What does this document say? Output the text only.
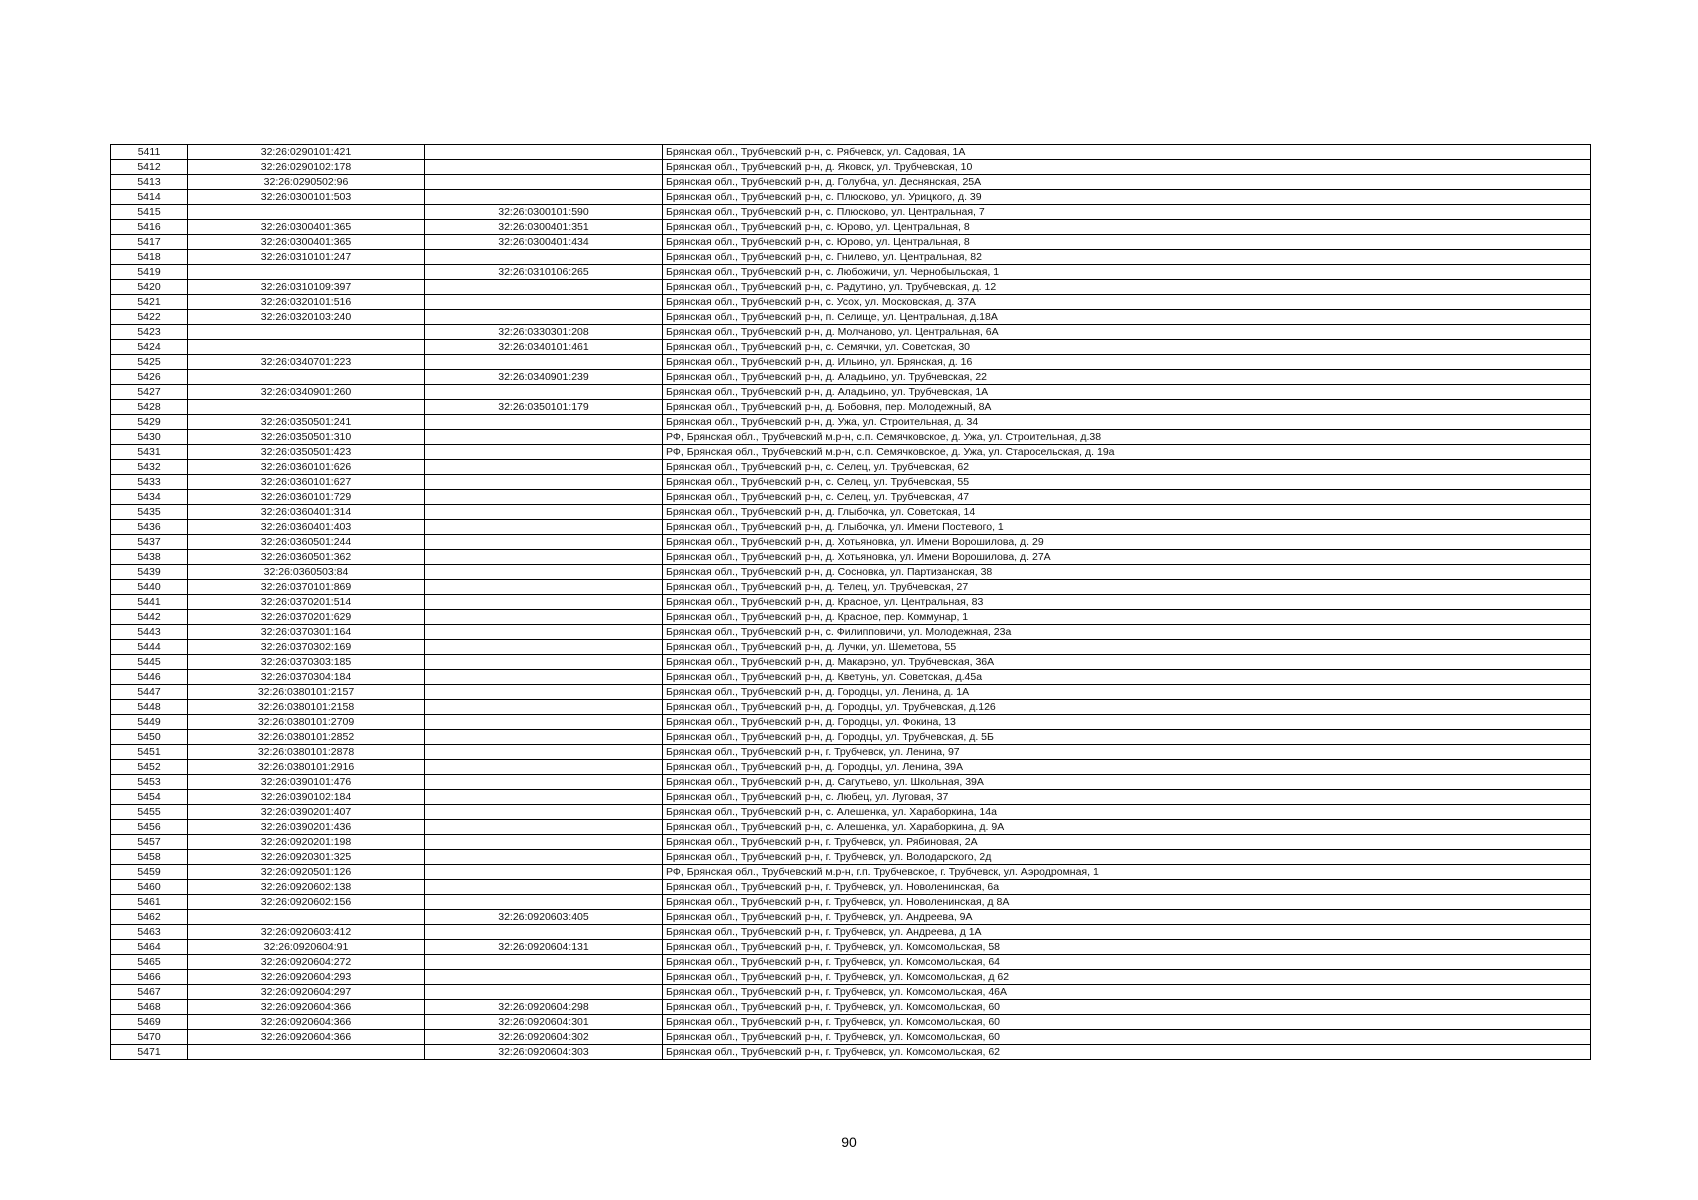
5411	32:26:0290101:421		Брянская обл., Трубчевский р-н, с. Рябчевск, ул. Садовая, 1А
5412	32:26:0290102:178		Брянская обл., Трубчевский р-н, д. Яковск, ул. Трубчевская, 10
5413	32:26:0290502:96		Брянская обл., Трубчевский р-н, д. Голубча, ул. Деснянская, 25А
5414	32:26:0300101:503		Брянская обл., Трубчевский р-н, с. Плюсково, ул. Урицкого, д. 39
5415		32:26:0300101:590	Брянская обл., Трубчевский р-н, с. Плюсково, ул. Центральная, 7
5416	32:26:0300401:365	32:26:0300401:351	Брянская обл., Трубчевский р-н, с. Юрово, ул. Центральная, 8
5417	32:26:0300401:365	32:26:0300401:434	Брянская обл., Трубчевский р-н, с. Юрово, ул. Центральная, 8
5418	32:26:0310101:247		Брянская обл., Трубчевский р-н, с. Гнилево, ул. Центральная, 82
5419		32:26:0310106:265	Брянская обл., Трубчевский р-н, с. Любожичи, ул. Чернобыльская, 1
5420	32:26:0310109:397		Брянская обл., Трубчевский р-н, с. Радутино, ул. Трубчевская, д. 12
5421	32:26:0320101:516		Брянская обл., Трубчевский р-н, с. Усох, ул. Московская, д. 37А
5422	32:26:0320103:240		Брянская обл., Трубчевский р-н, п. Селище, ул. Центральная, д.18А
5423		32:26:0330301:208	Брянская обл., Трубчевский р-н, д. Молчаново, ул. Центральная, 6А
5424		32:26:0340101:461	Брянская обл., Трубчевский р-н, с. Семячки, ул. Советская, 30
5425	32:26:0340701:223		Брянская обл., Трубчевский р-н, д. Ильино, ул. Брянская, д. 16
5426		32:26:0340901:239	Брянская обл., Трубчевский р-н, д. Аладьино, ул. Трубчевская, 22
5427	32:26:0340901:260		Брянская обл., Трубчевский р-н, д. Аладьино, ул. Трубчевская, 1А
5428		32:26:0350101:179	Брянская обл., Трубчевский р-н, д. Бобовня, пер. Молодежный, 8А
5429	32:26:0350501:241		Брянская обл., Трубчевский р-н, д. Ужа, ул. Строительная, д. 34
5430	32:26:0350501:310		РФ, Брянская обл., Трубчевский м.р-н, с.п. Семячковское, д. Ужа, ул. Строительная, д.38
5431	32:26:0350501:423		РФ, Брянская обл., Трубчевский м.р-н, с.п. Семячковское, д. Ужа, ул. Старосельская, д. 19а
5432	32:26:0360101:626		Брянская обл., Трубчевский р-н, с. Селец, ул. Трубчевская, 62
5433	32:26:0360101:627		Брянская обл., Трубчевский р-н, с. Селец, ул. Трубчевская, 55
5434	32:26:0360101:729		Брянская обл., Трубчевский р-н, с. Селец, ул. Трубчевская, 47
5435	32:26:0360401:314		Брянская обл., Трубчевский р-н, д. Глыбочка, ул. Советская, 14
5436	32:26:0360401:403		Брянская обл., Трубчевский р-н, д. Глыбочка, ул. Имени Постевого, 1
5437	32:26:0360501:244		Брянская обл., Трубчевский р-н, д. Хотьяновка, ул. Имени Ворошилова, д. 29
5438	32:26:0360501:362		Брянская обл., Трубчевский р-н, д. Хотьяновка, ул. Имени Ворошилова, д. 27А
5439	32:26:0360503:84		Брянская обл., Трубчевский р-н, д. Сосновка, ул. Партизанская, 38
5440	32:26:0370101:869		Брянская обл., Трубчевский р-н, д. Телец, ул. Трубчевская, 27
5441	32:26:0370201:514		Брянская обл., Трубчевский р-н, д. Красное, ул. Центральная, 83
5442	32:26:0370201:629		Брянская обл., Трубчевский р-н, д. Красное, пер. Коммунар, 1
5443	32:26:0370301:164		Брянская обл., Трубчевский р-н, с. Филипповичи, ул. Молодежная, 23а
5444	32:26:0370302:169		Брянская обл., Трубчевский р-н, д. Лучки, ул. Шеметова, 55
5445	32:26:0370303:185		Брянская обл., Трубчевский р-н, д. Макарэно, ул. Трубчевская, 36А
5446	32:26:0370304:184		Брянская обл., Трубчевский р-н, д. Кветунь, ул. Советская, д.45а
5447	32:26:0380101:2157		Брянская обл., Трубчевский р-н, д. Городцы, ул. Ленина, д. 1А
5448	32:26:0380101:2158		Брянская обл., Трубчевский р-н, д. Городцы, ул. Трубчевская, д.126
5449	32:26:0380101:2709		Брянская обл., Трубчевский р-н, д. Городцы, ул. Фокина, 13
5450	32:26:0380101:2852		Брянская обл., Трубчевский р-н, д. Городцы, ул. Трубчевская, д. 5Б
5451	32:26:0380101:2878		Брянская обл., Трубчевский р-н, г. Трубчевск, ул. Ленина, 97
5452	32:26:0380101:2916		Брянская обл., Трубчевский р-н, д. Городцы, ул. Ленина, 39А
5453	32:26:0390101:476		Брянская обл., Трубчевский р-н, д. Сагутьево, ул. Школьная, 39А
5454	32:26:0390102:184		Брянская обл., Трубчевский р-н, с. Любец, ул. Луговая, 37
5455	32:26:0390201:407		Брянская обл., Трубчевский р-н, с. Алешенка, ул. Хараборкина, 14а
5456	32:26:0390201:436		Брянская обл., Трубчевский р-н, с. Алешенка, ул. Хараборкина, д. 9А
5457	32:26:0920201:198		Брянская обл., Трубчевский р-н, г. Трубчевск, ул. Рябиновая, 2А
5458	32:26:0920301:325		Брянская обл., Трубчевский р-н, г. Трубчевск, ул. Володарского, 2д
5459	32:26:0920501:126		РФ, Брянская обл., Трубчевский м.р-н, г.п. Трубчевское, г. Трубчевск, ул. Аэродромная, 1
5460	32:26:0920602:138		Брянская обл., Трубчевский р-н, г. Трубчевск, ул. Новоленинская, 6а
5461	32:26:0920602:156		Брянская обл., Трубчевский р-н, г. Трубчевск, ул. Новоленинская, д 8А
5462		32:26:0920603:405	Брянская обл., Трубчевский р-н, г. Трубчевск, ул. Андреева, 9А
5463	32:26:0920603:412		Брянская обл., Трубчевский р-н, г. Трубчевск, ул. Андреева, д 1А
5464	32:26:0920604:91	32:26:0920604:131	Брянская обл., Трубчевский р-н, г. Трубчевск, ул. Комсомольская, 58
5465	32:26:0920604:272		Брянская обл., Трубчевский р-н, г. Трубчевск, ул. Комсомольская, 64
5466	32:26:0920604:293		Брянская обл., Трубчевский р-н, г. Трубчевск, ул. Комсомольская, д 62
5467	32:26:0920604:297		Брянская обл., Трубчевский р-н, г. Трубчевск, ул. Комсомольская, 46А
5468	32:26:0920604:366	32:26:0920604:298	Брянская обл., Трубчевский р-н, г. Трубчевск, ул. Комсомольская, 60
5469	32:26:0920604:366	32:26:0920604:301	Брянская обл., Трубчевский р-н, г. Трубчевск, ул. Комсомольская, 60
5470	32:26:0920604:366	32:26:0920604:302	Брянская обл., Трубчевский р-н, г. Трубчевск, ул. Комсомольская, 60
5471		32:26:0920604:303	Брянская обл., Трубчевский р-н, г. Трубчевск, ул. Комсомольская, 62
90
